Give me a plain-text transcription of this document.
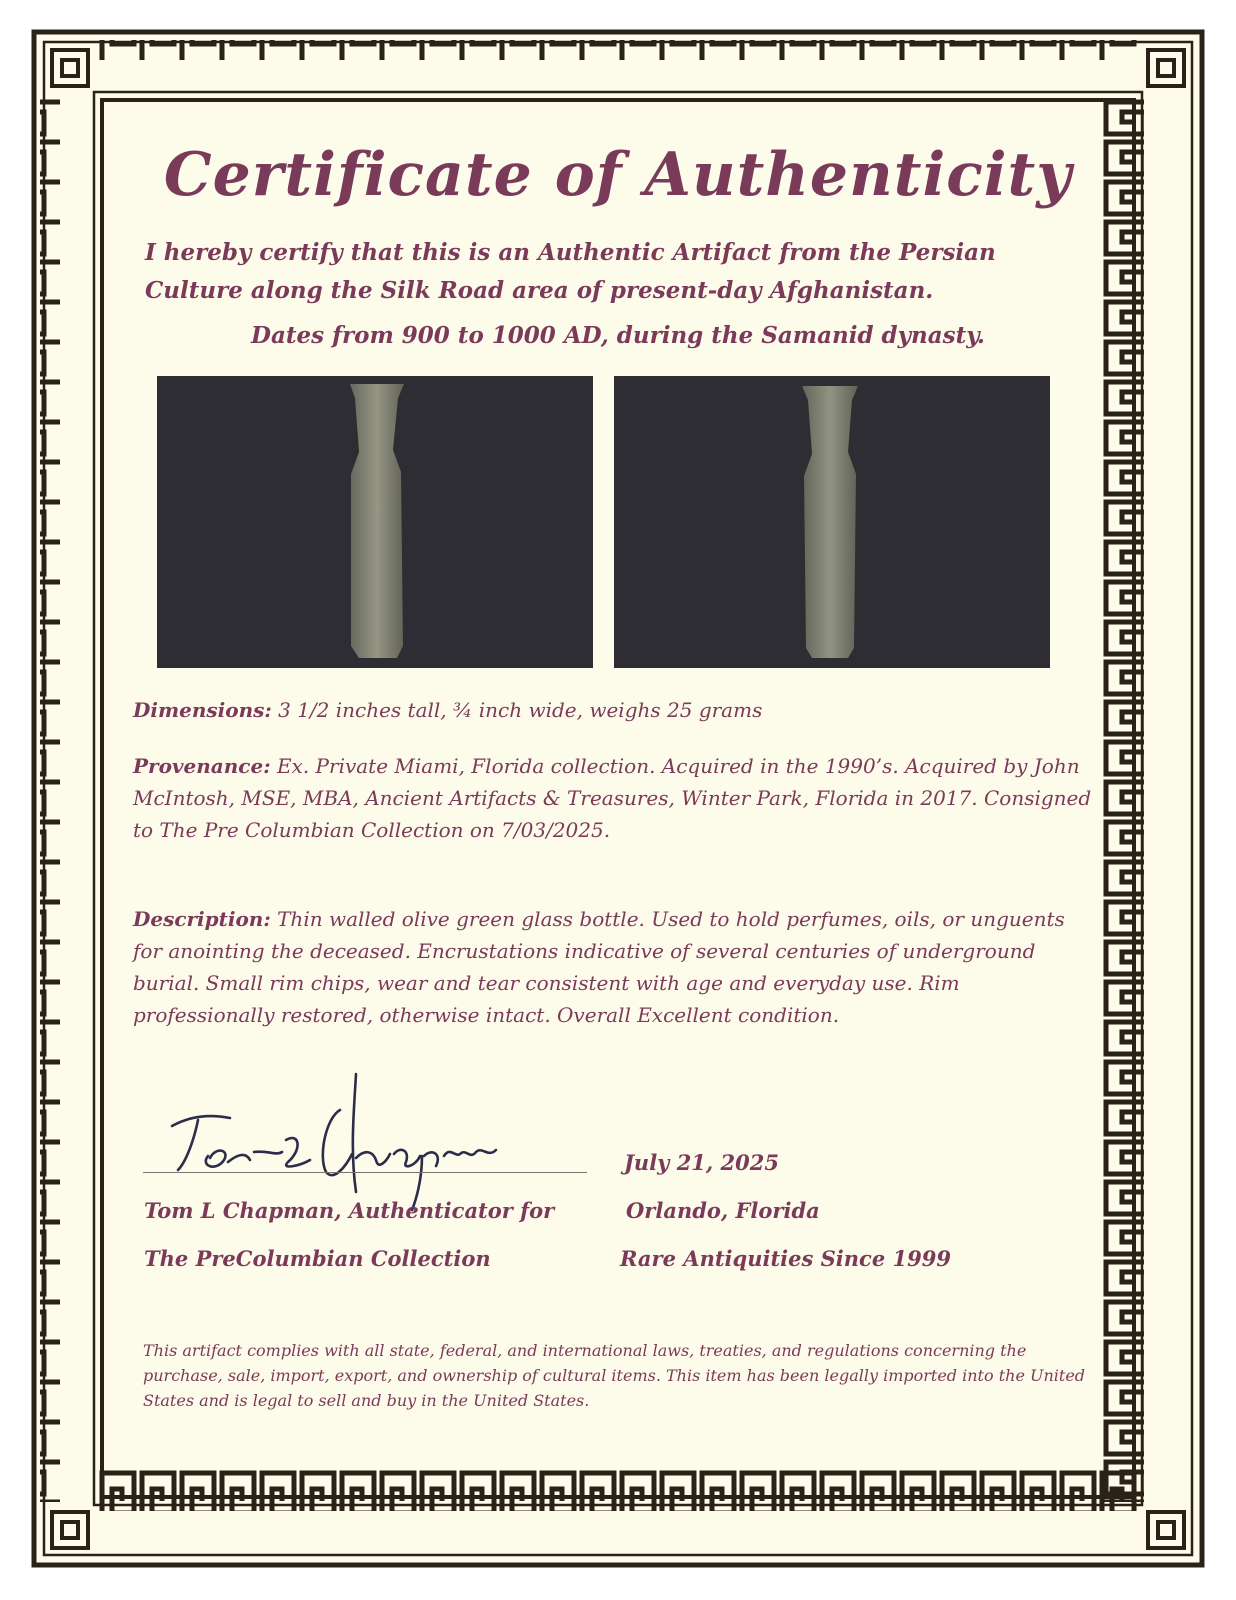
Certificate of Authenticity
I hereby certify that this is an Authentic Artifact from the Persian Culture along the Silk Road area of present-day Afghanistan.
Dates from 900 to 1000 AD, during the Samanid dynasty.
Dimensions: 3 1/2 inches tall, ¾ inch wide, weighs 25 grams
Provenance: Ex. Private Miami, Florida collection. Acquired in the 1990’s. Acquired by John McIntosh, MSE, MBA, Ancient Artifacts & Treasures, Winter Park, Florida in 2017. Consigned to The Pre Columbian Collection on 7/03/2025.
Description: Thin walled olive green glass bottle. Used to hold perfumes, oils, or unguents for anointing the deceased. Encrustations indicative of several centuries of underground burial. Small rim chips, wear and tear consistent with age and everyday use. Rim professionally restored, otherwise intact. Overall Excellent condition.
Tom L Chapman, Authenticator for
The PreColumbian Collection
July 21, 2025
Orlando, Florida
Rare Antiquities Since 1999
This artifact complies with all state, federal, and international laws, treaties, and regulations concerning the purchase, sale, import, export, and ownership of cultural items. This item has been legally imported into the United States and is legal to sell and buy in the United States.
